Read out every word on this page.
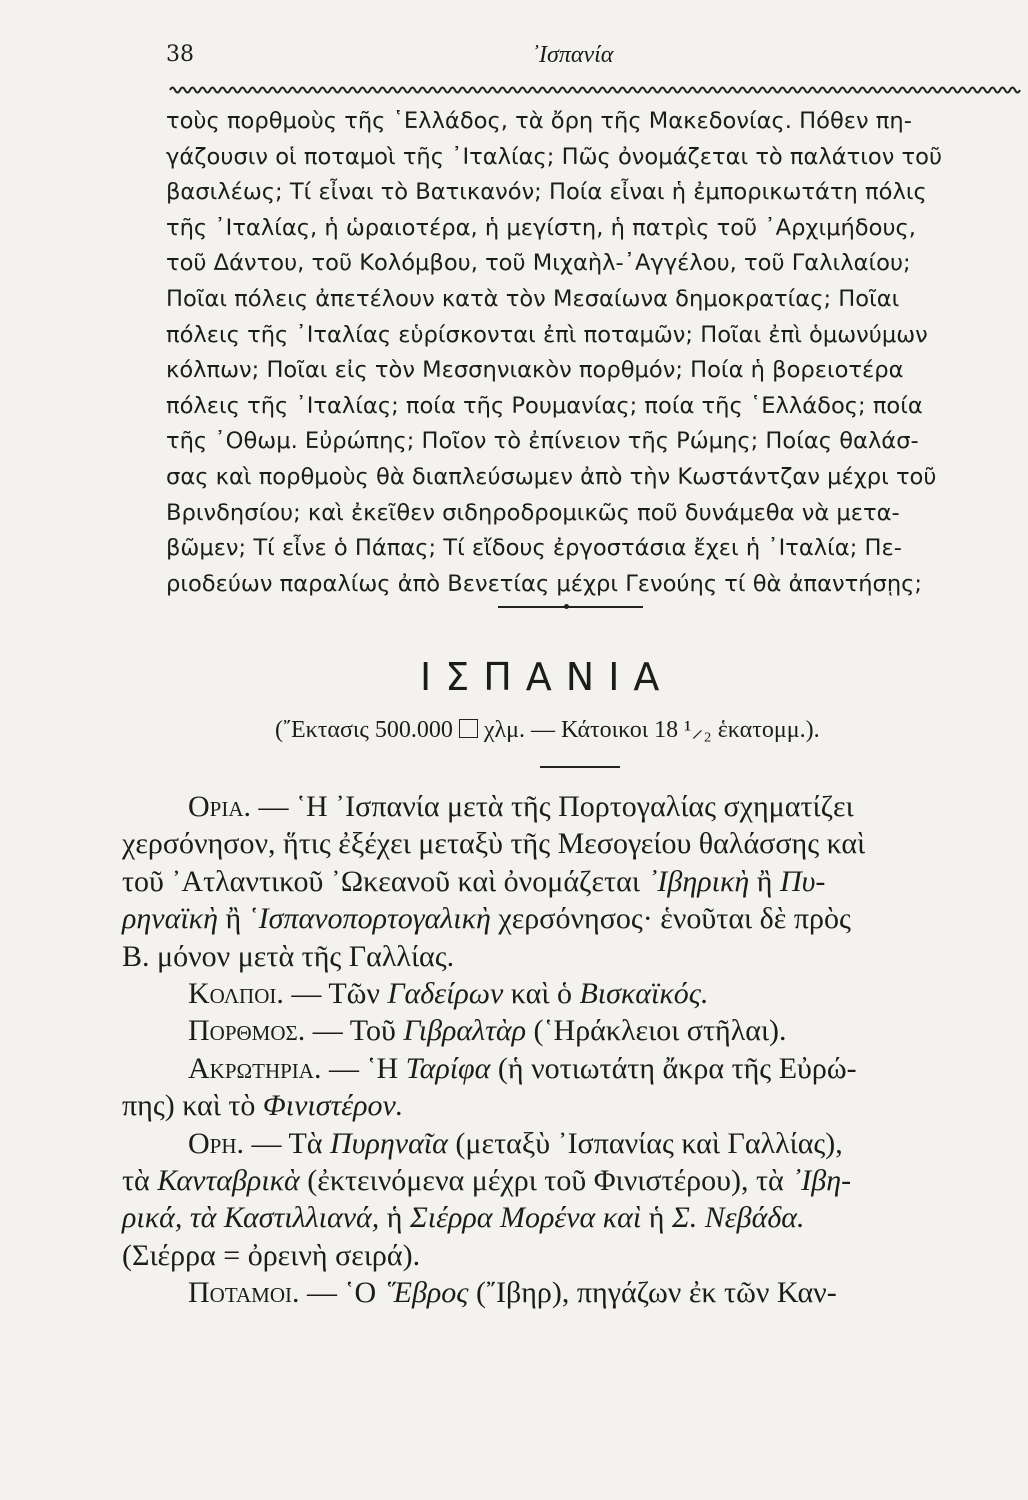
38	᾽Ισπανία
τοὺς πορθμοὺς τῆς ῾Ελλάδος, τὰ ὄρη τῆς Μακεδονίας. Πόθεν πη-
γάζουσιν οἱ ποταμοὶ τῆς ᾽Ιταλίας; Πῶς ὀνομάζεται τὸ παλάτιον τοῦ
βασιλέως; Τί εἶναι τὸ Βατικανόν; Ποία εἶναι ἡ ἐμπορικωτάτη πόλις
τῆς ᾽Ιταλίας, ἡ ὡραιοτέρα, ἡ μεγίστη, ἡ πατρὶς τοῦ ᾽Αρχιμήδους,
τοῦ Δάντου, τοῦ Κολόμβου, τοῦ Μιχαὴλ-᾽Αγγέλου, τοῦ Γαλιλαίου;
Ποῖαι πόλεις ἀπετέλουν κατὰ τὸν Μεσαίωνα δημοκρατίας; Ποῖαι
πόλεις τῆς ᾽Ιταλίας εὑρίσκονται ἐπὶ ποταμῶν; Ποῖαι ἐπὶ ὁμωνύμων
κόλπων; Ποῖαι εἰς τὸν Μεσσηνιακὸν πορθμόν; Ποία ἡ βορειοτέρα
πόλεις τῆς ᾽Ιταλίας; ποία τῆς Ρουμανίας; ποία τῆς ῾Ελλάδος; ποία
τῆς ᾽Οθωμ. Εὐρώπης; Ποῖον τὸ ἐπίνειον τῆς Ρώμης; Ποίας θαλάσ-
σας καὶ πορθμοὺς θὰ διαπλεύσωμεν ἀπὸ τὴν Κωστάντζαν μέχρι τοῦ
Βρινδησίου; καὶ ἐκεῖθεν σιδηροδρομικῶς ποῦ δυνάμεθα νὰ μετα-
βῶμεν; Τί εἶνε ὁ Πάπας; Τί εἴδους ἐργοστάσια ἔχει ἡ ᾽Ιταλία; Πε-
ριοδεύων παραλίως ἀπὸ Βενετίας μέχρι Γενούης τί θὰ ἀπαντήσῃς;
ΙΣΠΑΝΙΑ
(῎Εκτασις 500.000 χλμ. — Κάτοικοι 18 ¹⸝₂ ἑκατομμ.).
Ορια. — ῾Η ᾽Ισπανία μετὰ τῆς Πορτογαλίας σχηματίζει
χερσόνησον, ἥτις ἐξέχει μεταξὺ τῆς Μεσογείου θαλάσσης καὶ
τοῦ ᾽Ατλαντικοῦ ᾽Ωκεανοῦ καὶ ὀνομάζεται ᾽Ιβηρικὴ ἢ Πυ-
ρηναϊκὴ ἢ ῾Ισπανοπορτογαλικὴ χερσόνησος· ἑνοῦται δὲ πρὸς
Β. μόνον μετὰ τῆς Γαλλίας.
Κολποι. — Τῶν Γαδείρων καὶ ὁ Βισκαϊκός.
Πορθμος. — Τοῦ Γιβραλτὰρ (῾Ηράκλειοι στῆλαι).
Ακρωτηρια. — ῾Η Ταρίφα (ἡ νοτιωτάτη ἄκρα τῆς Εὐρώ-
πης) καὶ τὸ Φινιστέρον.
Ορη. — Τὰ Πυρηναῖα (μεταξὺ ᾽Ισπανίας καὶ Γαλλίας),
τὰ Κανταβρικὰ (ἐκτεινόμενα μέχρι τοῦ Φινιστέρου), τὰ ᾽Ιβη-
ρικά, τὰ Καστιλλιανά, ἡ Σιέρρα Μορένα καὶ ἡ Σ. Νεβάδα.
(Σιέρρα = ὀρεινὴ σειρά).
Ποταμοι. — ῾Ο ῞Εβρος (῎Ιβηρ), πηγάζων ἐκ τῶν Καν-
